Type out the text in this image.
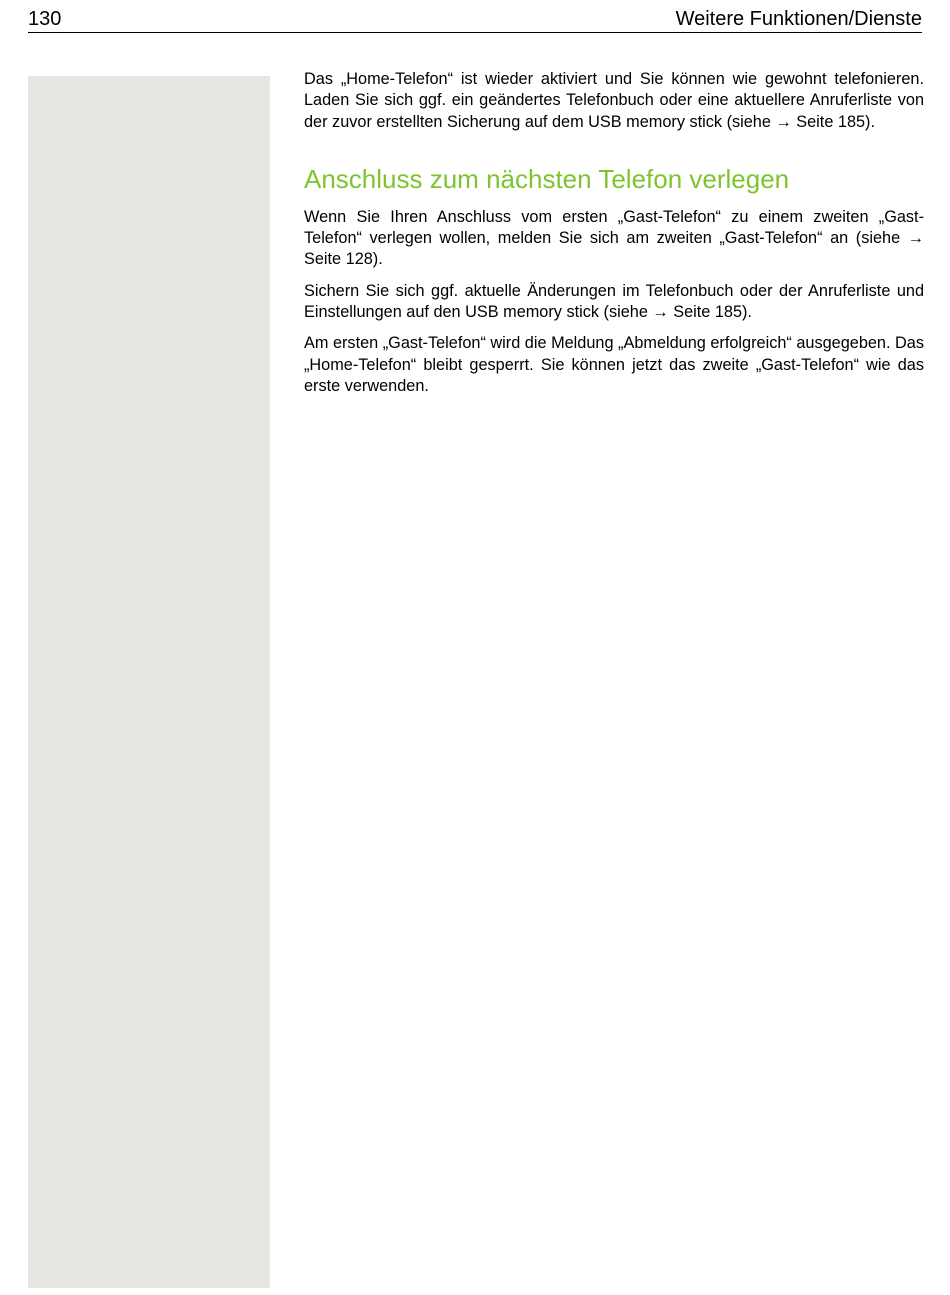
130	Weitere Funktionen/Dienste

Das „Home-Telefon“ ist wieder aktiviert und Sie können wie gewohnt telefonieren. Laden Sie sich ggf. ein geändertes Telefonbuch oder eine aktuellere Anruferliste von der zuvor erstellten Sicherung auf dem USB memory stick (siehe → Seite 185).

Anschluss zum nächsten Telefon verlegen

Wenn Sie Ihren Anschluss vom ersten „Gast-Telefon“ zu einem zweiten „Gast-Telefon“ verlegen wollen, melden Sie sich am zweiten „Gast-Telefon“ an (siehe → Seite 128).

Sichern Sie sich ggf. aktuelle Änderungen im Telefonbuch oder der Anruferliste und Einstellungen auf den USB memory stick (siehe → Seite 185).

Am ersten „Gast-Telefon“ wird die Meldung „Abmeldung erfolgreich“ ausgegeben. Das „Home-Telefon“ bleibt gesperrt. Sie können jetzt das zweite „Gast-Telefon“ wie das erste verwenden.
